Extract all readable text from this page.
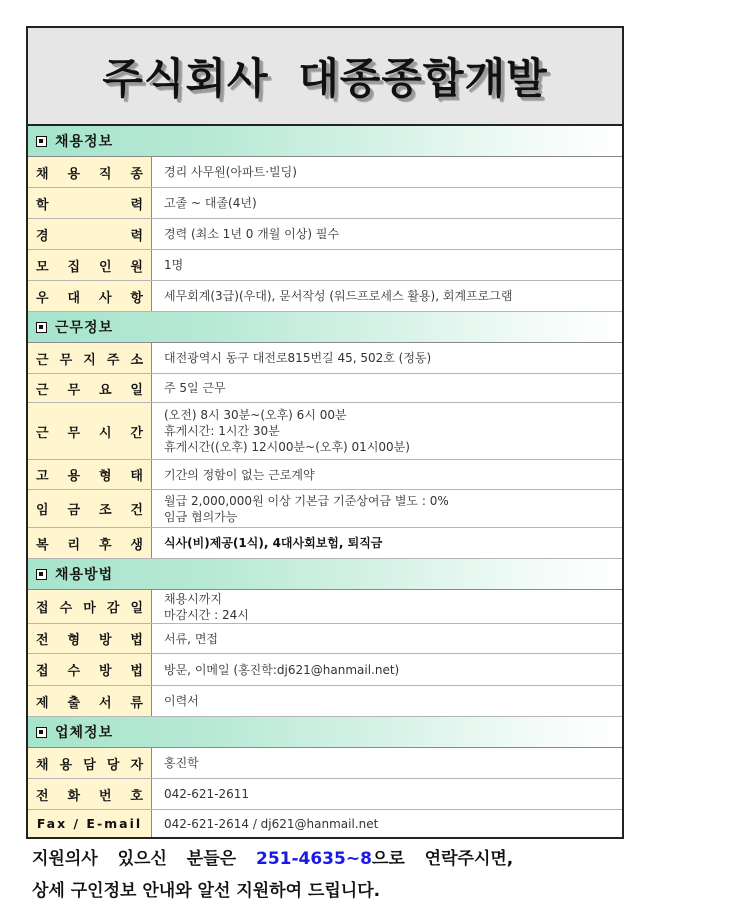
주식회사 대종종합개발
채용정보
채 용 직 종 경리 사무원(아파트·빌딩)
학	력 고졸 ~ 대졸(4년)
경	력 경력 (최소 1년 0 개월 이상) 필수
모 집 인 원 1명
우 대 사 항 세무회계(3급)(우대), 문서작성 (워드프로세스 활용), 회계프로그램
근무정보
근 무 지 주 소 대전광역시 동구 대전로815번길 45, 502호 (정동)
근 무 요 일 주 5일 근무
근 무 시 간
(오전) 8시 30분~(오후) 6시 00분
휴게시간: 1시간 30분
휴게시간((오후) 12시00분~(오후) 01시00분)
고 용 형 태 기간의 정함이 없는 근로계약
임 금 조 건
월급 2,000,000원 이상 기본급 기준상여금 별도 : 0%
임금 협의가능
복 리 후 생 식사(비)제공(1식), 4대사회보험, 퇴직금
채용방법
접 수 마 감 일
채용시까지
마감시간 : 24시
전 형 방 법 서류, 면접
접 수 방 법 방문, 이메일 (홍진학:dj621@hanmail.net)
제 출 서 류 이력서
업체정보
채 용 담 당 자 홍진학
전 화 번 호 042-621-2611
Fax / E-mail 042-621-2614 / dj621@hanmail.net
지원의사 있으신 분들은 251-4635~8으로 연락주시면,
상세 구인정보 안내와 알선 지원하여 드립니다.
